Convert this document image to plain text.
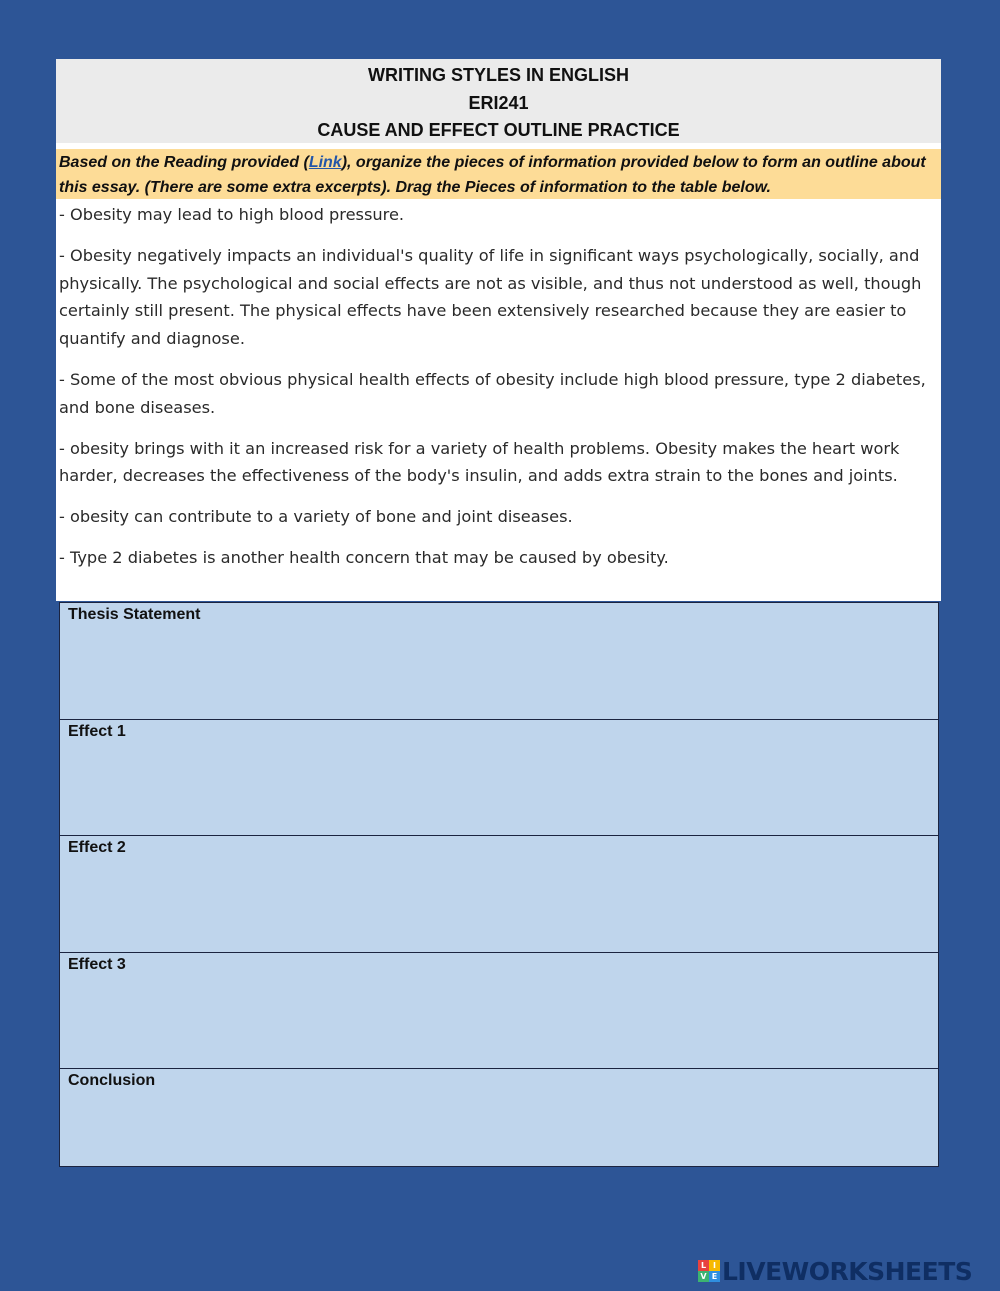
WRITING STYLES IN ENGLISH
ERI241
CAUSE AND EFFECT OUTLINE PRACTICE
Based on the Reading provided (Link), organize the pieces of information provided below to form an outline about this essay. (There are some extra excerpts). Drag the Pieces of information to the table below.
- Obesity may lead to high blood pressure.
- Obesity negatively impacts an individual's quality of life in significant ways psychologically, socially, and physically. The psychological and social effects are not as visible, and thus not understood as well, though certainly still present. The physical effects have been extensively researched because they are easier to quantify and diagnose.
- Some of the most obvious physical health effects of obesity include high blood pressure, type 2 diabetes, and bone diseases.
- obesity brings with it an increased risk for a variety of health problems. Obesity makes the heart work harder, decreases the effectiveness of the body's insulin, and adds extra strain to the bones and joints.
- obesity can contribute to a variety of bone and joint diseases.
- Type 2 diabetes is another health concern that may be caused by obesity.
Thesis Statement
Effect 1
Effect 2
Effect 3
Conclusion
L I
V E LIVEWORKSHEETS
